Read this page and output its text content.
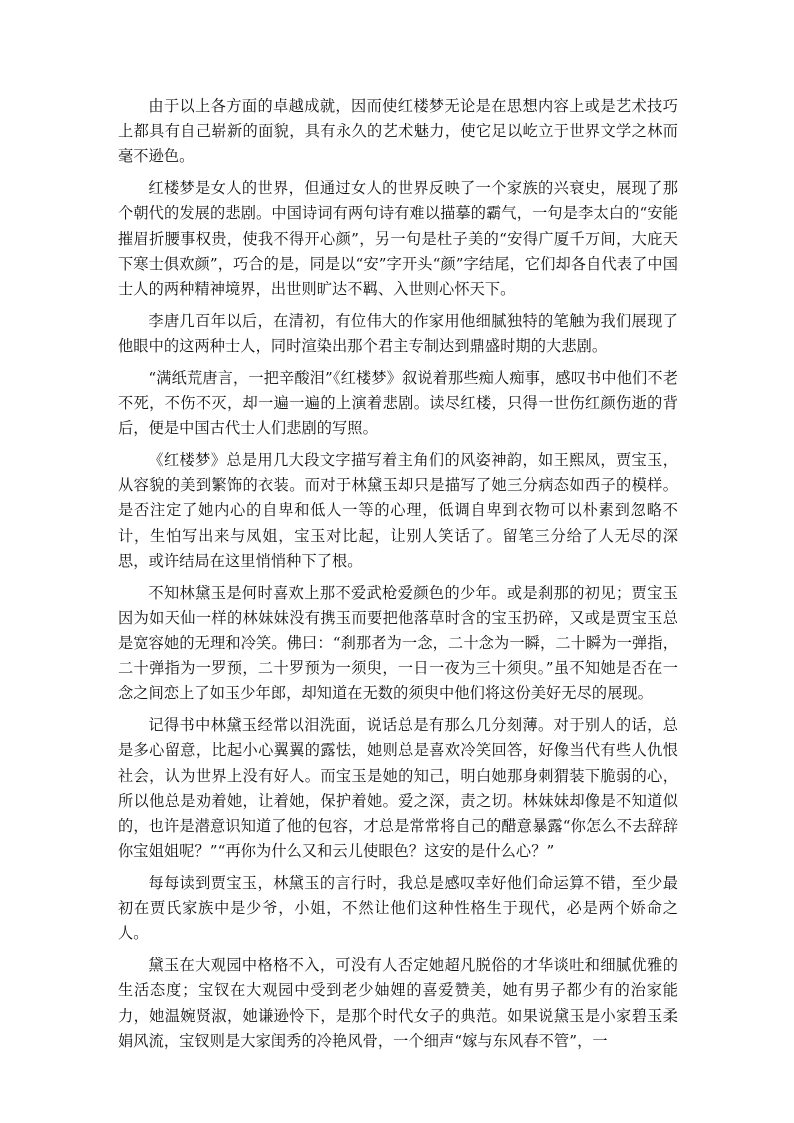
由于以上各方面的卓越成就，因而使红楼梦无论是在思想内容上或是艺术技巧上都具有自己崭新的面貌，具有永久的艺术魅力，使它足以屹立于世界文学之林而毫不逊色。

红楼梦是女人的世界，但通过女人的世界反映了一个家族的兴衰史，展现了那个朝代的发展的悲剧。中国诗词有两句诗有难以描摹的霸气，一句是李太白的“安能摧眉折腰事权贵，使我不得开心颜”，另一句是杜子美的“安得广厦千万间，大庇天下寒士俱欢颜”，巧合的是，同是以“安”字开头“颜”字结尾，它们却各自代表了中国士人的两种精神境界，出世则旷达不羁、入世则心怀天下。

李唐几百年以后，在清初，有位伟大的作家用他细腻独特的笔触为我们展现了他眼中的这两种士人，同时渲染出那个君主专制达到鼎盛时期的大悲剧。

“满纸荒唐言，一把辛酸泪”《红楼梦》叙说着那些痴人痴事，感叹书中他们不老不死，不伤不灭，却一遍一遍的上演着悲剧。读尽红楼，只得一世伤红颜伤逝的背后，便是中国古代士人们悲剧的写照。

《红楼梦》总是用几大段文字描写着主角们的风姿神韵，如王熙凤，贾宝玉，从容貌的美到繁饰的衣装。而对于林黛玉却只是描写了她三分病态如西子的模样。是否注定了她内心的自卑和低人一等的心理，低调自卑到衣物可以朴素到忽略不计，生怕写出来与凤姐，宝玉对比起，让别人笑话了。留笔三分给了人无尽的深思，或许结局在这里悄悄种下了根。

不知林黛玉是何时喜欢上那不爱武枪爱颜色的少年。或是刹那的初见；贾宝玉因为如天仙一样的林妹妹没有携玉而要把他落草时含的宝玉扔碎，又或是贾宝玉总是宽容她的无理和冷笑。佛曰：“刹那者为一念，二十念为一瞬，二十瞬为一弹指，二十弹指为一罗预，二十罗预为一须臾，一日一夜为三十须臾。”虽不知她是否在一念之间恋上了如玉少年郎，却知道在无数的须臾中他们将这份美好无尽的展现。

记得书中林黛玉经常以泪洗面，说话总是有那么几分刻薄。对于别人的话，总是多心留意，比起小心翼翼的露怯，她则总是喜欢冷笑回答，好像当代有些人仇恨社会，认为世界上没有好人。而宝玉是她的知己，明白她那身刺猬装下脆弱的心，所以他总是劝着她，让着她，保护着她。爱之深，责之切。林妹妹却像是不知道似的，也许是潜意识知道了他的包容，才总是常常将自己的醋意暴露“你怎么不去辞辞你宝姐姐呢？”“再你为什么又和云儿使眼色？这安的是什么心？”

每每读到贾宝玉，林黛玉的言行时，我总是感叹幸好他们命运算不错，至少最初在贾氏家族中是少爷，小姐，不然让他们这种性格生于现代，必是两个娇命之人。

黛玉在大观园中格格不入，可没有人否定她超凡脱俗的才华谈吐和细腻优雅的生活态度；宝钗在大观园中受到老少妯娌的喜爱赞美，她有男子都少有的治家能力，她温婉贤淑，她谦逊怜下，是那个时代女子的典范。如果说黛玉是小家碧玉柔娟风流，宝钗则是大家闺秀的冷艳风骨，一个细声“嫁与东风春不管”，一
